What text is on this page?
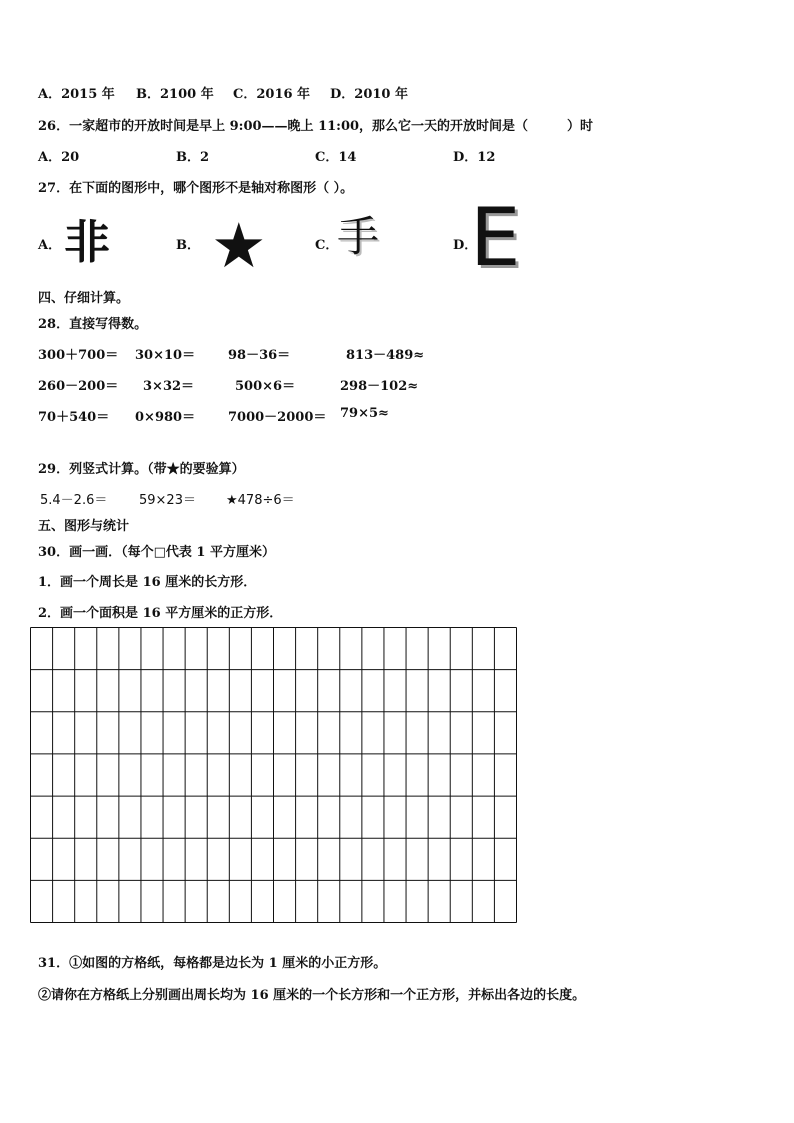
A．2015 年 B．2100 年 C．2016 年 D．2010 年
26．一家超市的开放时间是早上 9:00——晚上 11:00，那么它一天的开放时间是（　　　）时
A．20	B．2	C．14	D．12
27．在下面的图形中，哪个图形不是轴对称图形（ ）。
A． 非	B． ★	C．
手	D．
E
四、仔细计算。
28．直接写得数。
300＋700＝ 30×10＝	98－36＝	813－489≈
260－200＝ 3×32＝	500×6＝	298－102≈
70＋540＝ 0×980＝	7000－2000＝ 79×5≈
29．列竖式计算。（带★的要验算）
5.4－2.6＝ 59×23＝ ★478÷6＝
五、图形与统计
30．画一画．（每个□代表 1 平方厘米）
1．画一个周长是 16 厘米的长方形．
2．画一个面积是 16 平方厘米的正方形．
31．①如图的方格纸，每格都是边长为 1 厘米的小正方形。
②请你在方格纸上分别画出周长均为 16 厘米的一个长方形和一个正方形，并标出各边的长度。
